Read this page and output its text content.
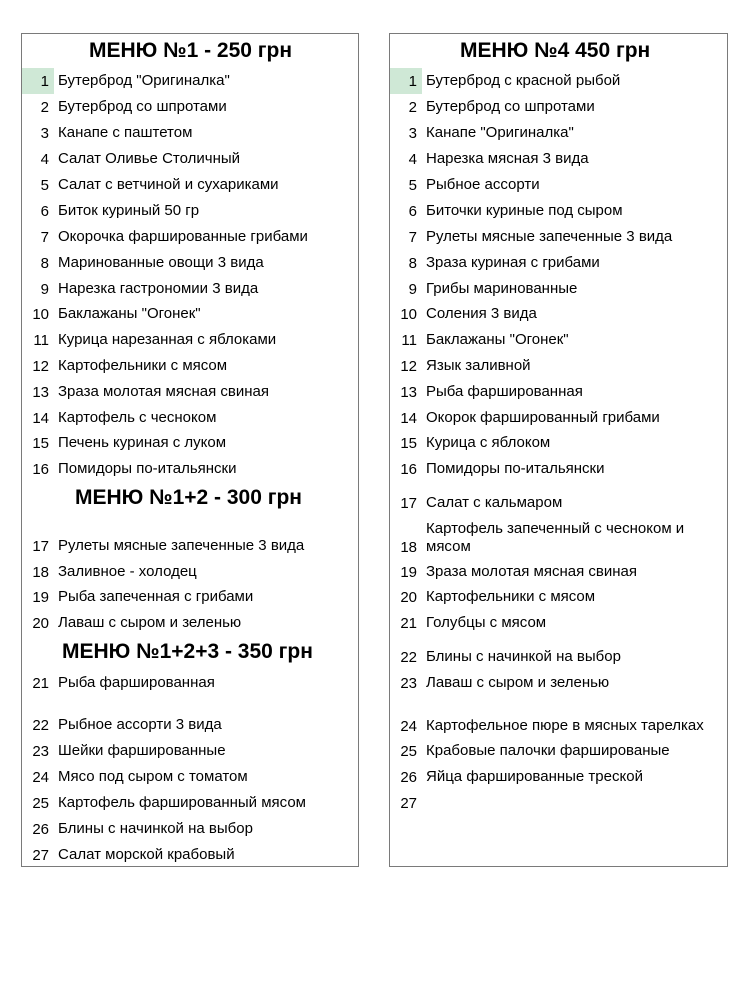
МЕНЮ №1 - 250 грн
1 Бутерброд "Оригиналка"
2 Бутерброд со шпротами
3 Канапе с паштетом
4 Салат Оливье Столичный
5 Салат с ветчиной и сухариками
6 Биток куриный 50 гр
7 Окорочка фаршированные грибами
8 Маринованные овощи 3 вида
9 Нарезка гастрономии 3 вида
10 Баклажаны "Огонек"
11 Курица нарезанная с яблоками
12 Картофельники с мясом
13 Зраза молотая мясная свиная
14 Картофель с чесноком
15 Печень куриная с луком
16 Помидоры по-итальянски
МЕНЮ №1+2 - 300 грн
17 Рулеты мясные запеченные 3 вида
18 Заливное - холодец
19 Рыба запеченная с грибами
20 Лаваш с сыром и зеленью
МЕНЮ №1+2+3 - 350 грн
21 Рыба фаршированная
22 Рыбное ассорти 3 вида
23 Шейки фаршированные
24 Мясо под сыром с томатом
25 Картофель фаршированный мясом
26 Блины с начинкой на выбор
27 Салат морской крабовый
МЕНЮ №4 450 грн
1 Бутерброд с красной рыбой
2 Бутерброд со шпротами
3 Канапе "Оригиналка"
4 Нарезка мясная 3 вида
5 Рыбное ассорти
6 Биточки куриные под сыром
7 Рулеты мясные запеченные 3 вида
8 Зраза куриная с грибами
9 Грибы маринованные
10 Соления 3 вида
11 Баклажаны "Огонек"
12 Язык заливной
13 Рыба фаршированная
14 Окорок фаршированный грибами
15 Курица с яблоком
16 Помидоры по-итальянски
17 Салат с кальмаром
18
Картофель запеченный с чесноком и мясом
19 Зраза молотая мясная свиная
20 Картофельники с мясом
21 Голубцы с мясом
22 Блины с начинкой на выбор
23 Лаваш с сыром и зеленью
24 Картофельное пюре в мясных тарелках
25 Крабовые палочки фаршированые
26 Яйца фаршированные треской
27
